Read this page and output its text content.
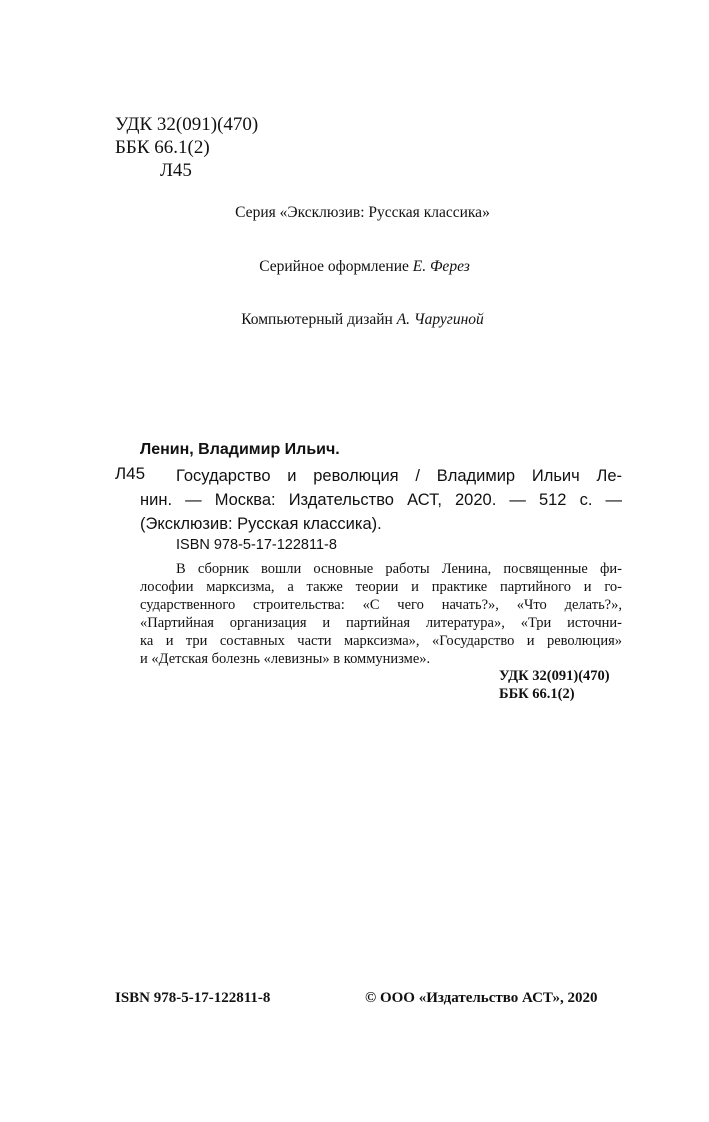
УДК 32(091)(470)
ББК 66.1(2)
Л45
Серия «Эксклюзив: Русская классика»
Серийное оформление Е. Ферез
Компьютерный дизайн А. Чаругиной
Ленин, Владимир Ильич.
Л45 Государство и революция / Владимир Ильич Ле-
нин. — Москва: Издательство АСТ, 2020. — 512 с. —
(Эксклюзив: Русская классика).
ISBN 978-5-17-122811-8
В сборник вошли основные работы Ленина, посвященные фи-
лософии марксизма, а также теории и практике партийного и го-
сударственного строительства: «С чего начать?», «Что делать?»,
«Партийная организация и партийная литература», «Три источни-
ка и три составных части марксизма», «Государство и революция»
и «Детская болезнь «левизны» в коммунизме».
УДК 32(091)(470)
ББК 66.1(2)
ISBN 978-5-17-122811-8	© ООО «Издательство АСТ», 2020
